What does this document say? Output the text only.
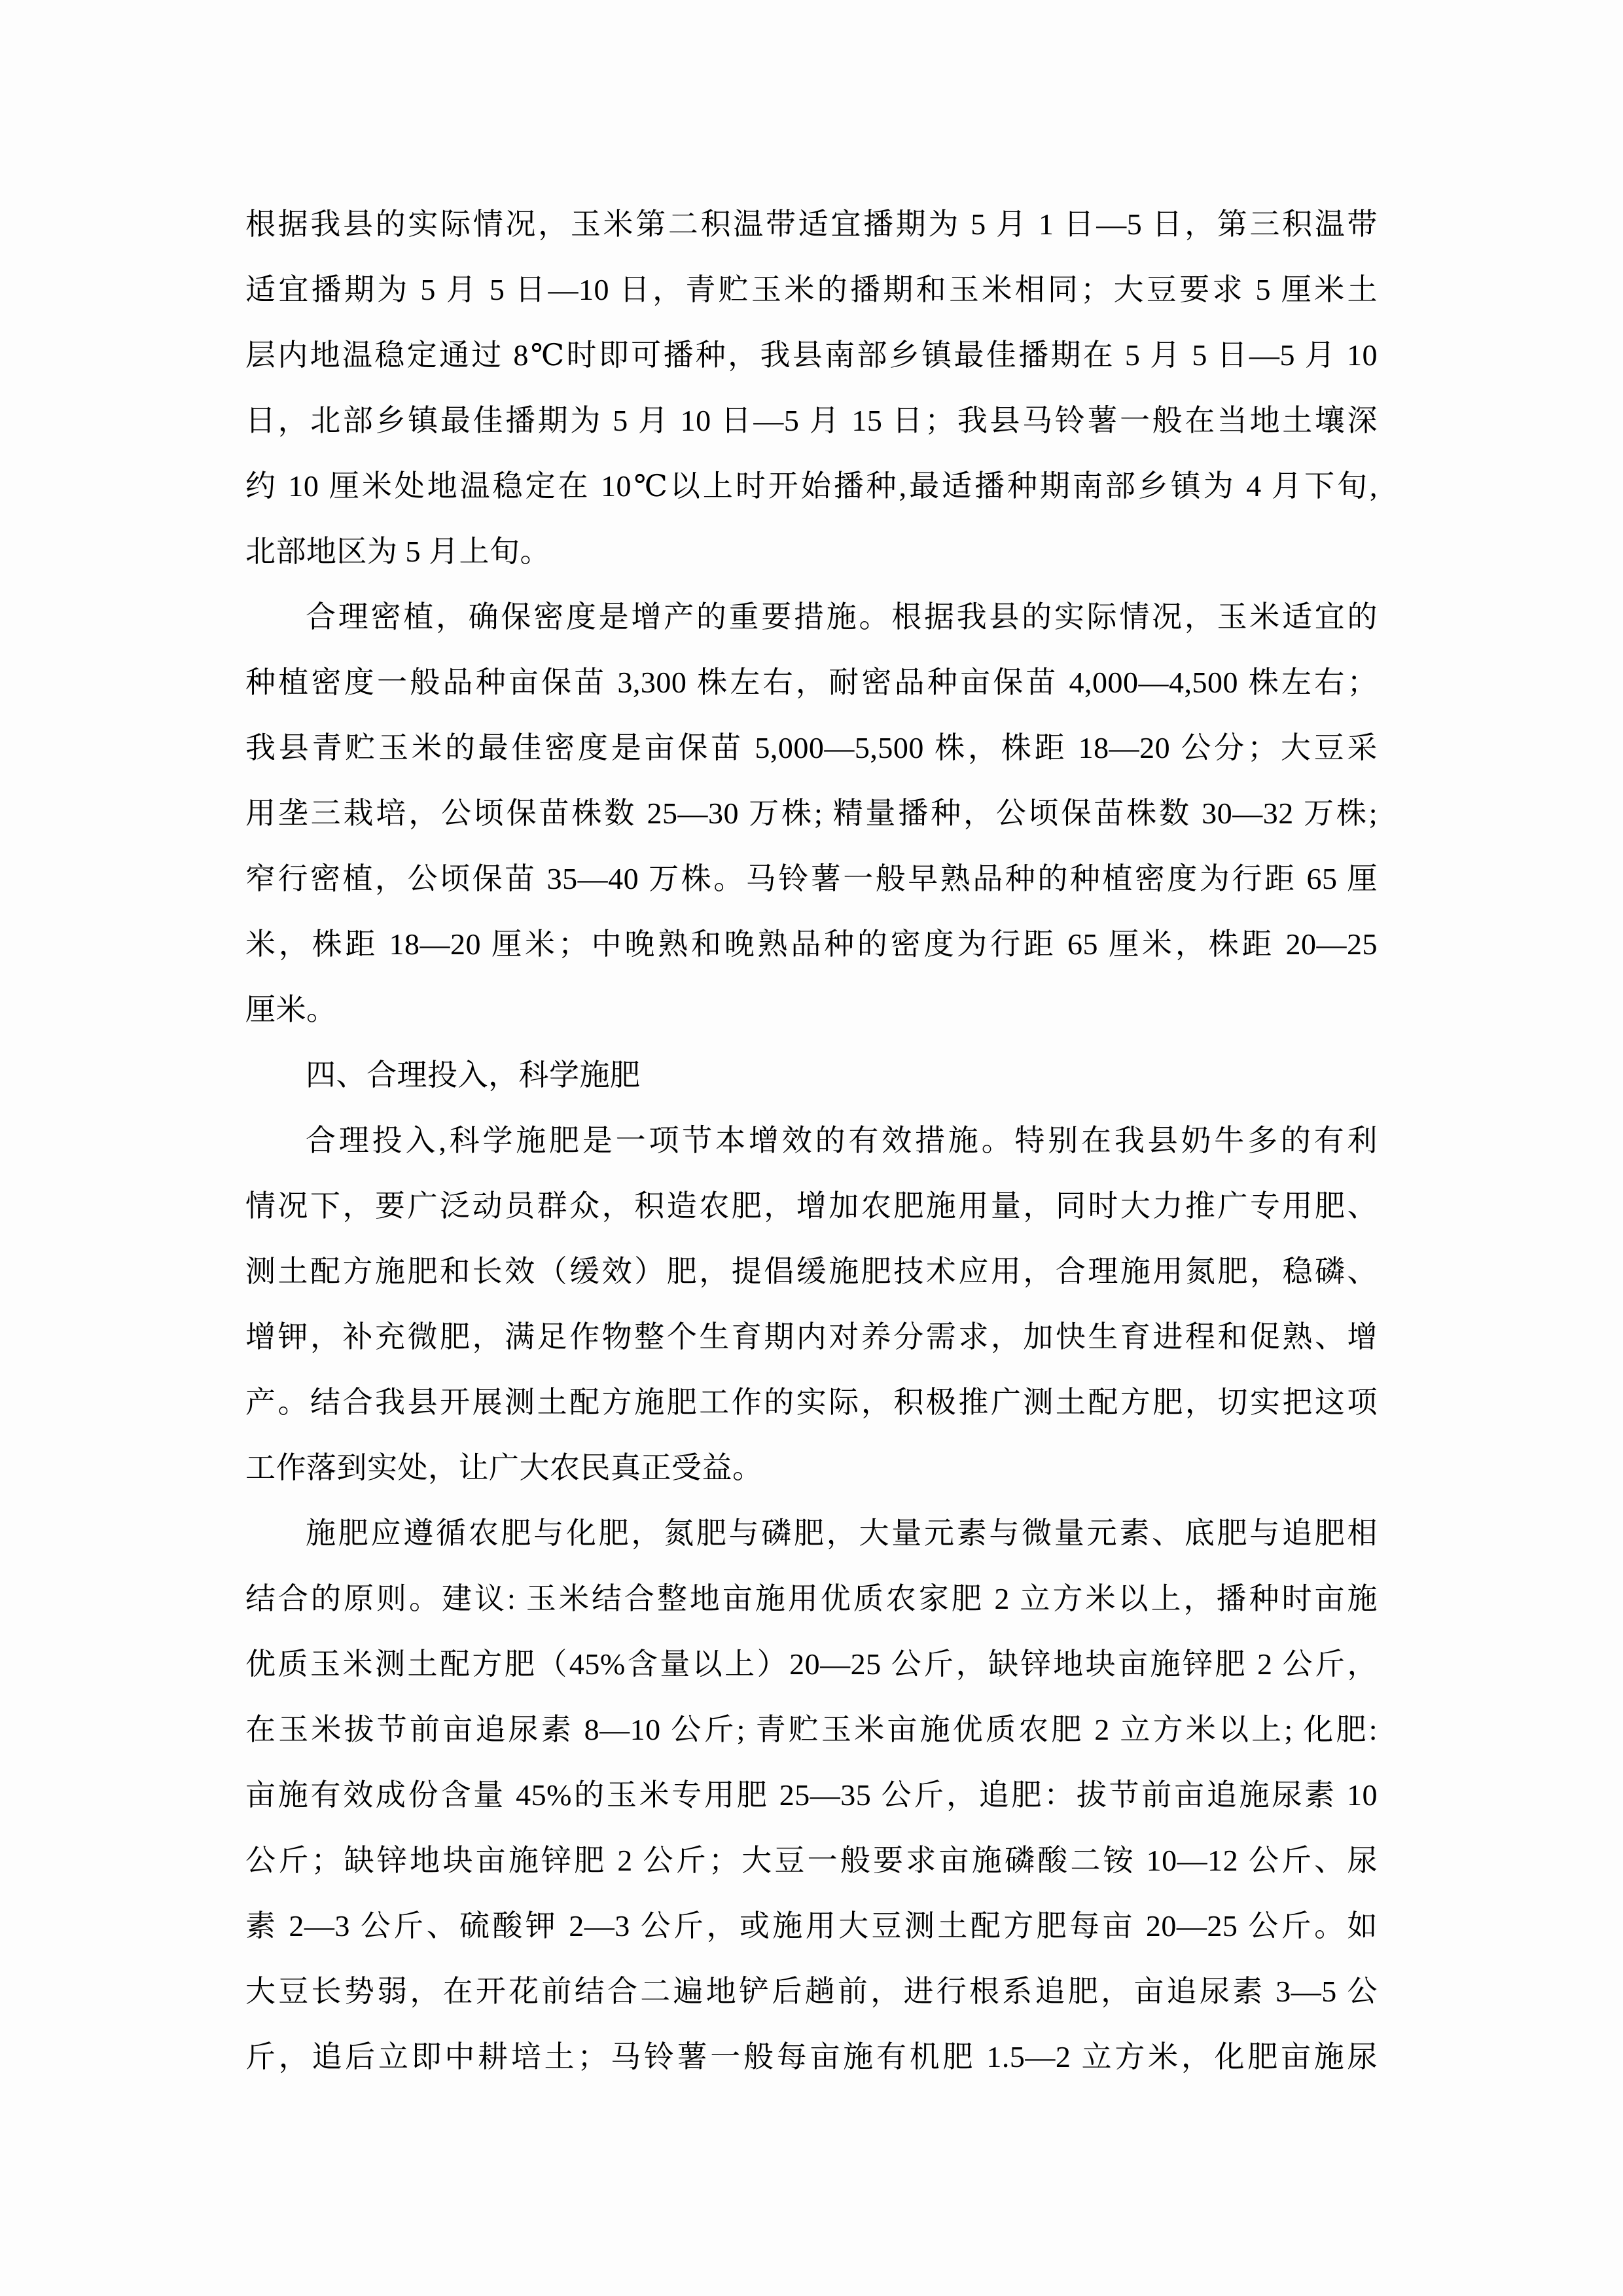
根据我县的实际情况，玉米第二积温带适宜播期为 5 月 1 日—5 日，第三积温带
适宜播期为 5 月 5 日—10 日，青贮玉米的播期和玉米相同；大豆要求 5 厘米土
层内地温稳定通过 8℃时即可播种，我县南部乡镇最佳播期在 5 月 5 日—5 月 10
日，北部乡镇最佳播期为 5 月 10 日—5 月 15 日；我县马铃薯一般在当地土壤深
约 10 厘米处地温稳定在 10℃以上时开始播种,最适播种期南部乡镇为 4 月下旬,
北部地区为 5 月上旬。
合理密植，确保密度是增产的重要措施。根据我县的实际情况，玉米适宜的
种植密度一般品种亩保苗 3,300 株左右，耐密品种亩保苗 4,000—4,500 株左右；
我县青贮玉米的最佳密度是亩保苗 5,000—5,500 株，株距 18—20 公分；大豆采
用垄三栽培，公顷保苗株数 25—30 万株; 精量播种，公顷保苗株数 30—32 万株;
窄行密植，公顷保苗 35—40 万株。马铃薯一般早熟品种的种植密度为行距 65 厘
米，株距 18—20 厘米；中晚熟和晚熟品种的密度为行距 65 厘米，株距 20—25
厘米。
四、合理投入，科学施肥
合理投入,科学施肥是一项节本增效的有效措施。特别在我县奶牛多的有利
情况下，要广泛动员群众，积造农肥，增加农肥施用量，同时大力推广专用肥、
测土配方施肥和长效（缓效）肥，提倡缓施肥技术应用，合理施用氮肥，稳磷、
增钾，补充微肥，满足作物整个生育期内对养分需求，加快生育进程和促熟、增
产。结合我县开展测土配方施肥工作的实际，积极推广测土配方肥，切实把这项
工作落到实处，让广大农民真正受益。
施肥应遵循农肥与化肥，氮肥与磷肥，大量元素与微量元素、底肥与追肥相
结合的原则。建议: 玉米结合整地亩施用优质农家肥 2 立方米以上，播种时亩施
优质玉米测土配方肥（45%含量以上）20—25 公斤，缺锌地块亩施锌肥 2 公斤，
在玉米拔节前亩追尿素 8—10 公斤; 青贮玉米亩施优质农肥 2 立方米以上; 化肥:
亩施有效成份含量 45%的玉米专用肥 25—35 公斤，追肥：拔节前亩追施尿素 10
公斤；缺锌地块亩施锌肥 2 公斤；大豆一般要求亩施磷酸二铵 10—12 公斤、尿
素 2—3 公斤、硫酸钾 2—3 公斤，或施用大豆测土配方肥每亩 20—25 公斤。如
大豆长势弱，在开花前结合二遍地铲后趟前，进行根系追肥，亩追尿素 3—5 公
斤，追后立即中耕培土；马铃薯一般每亩施有机肥 1.5—2 立方米，化肥亩施尿
